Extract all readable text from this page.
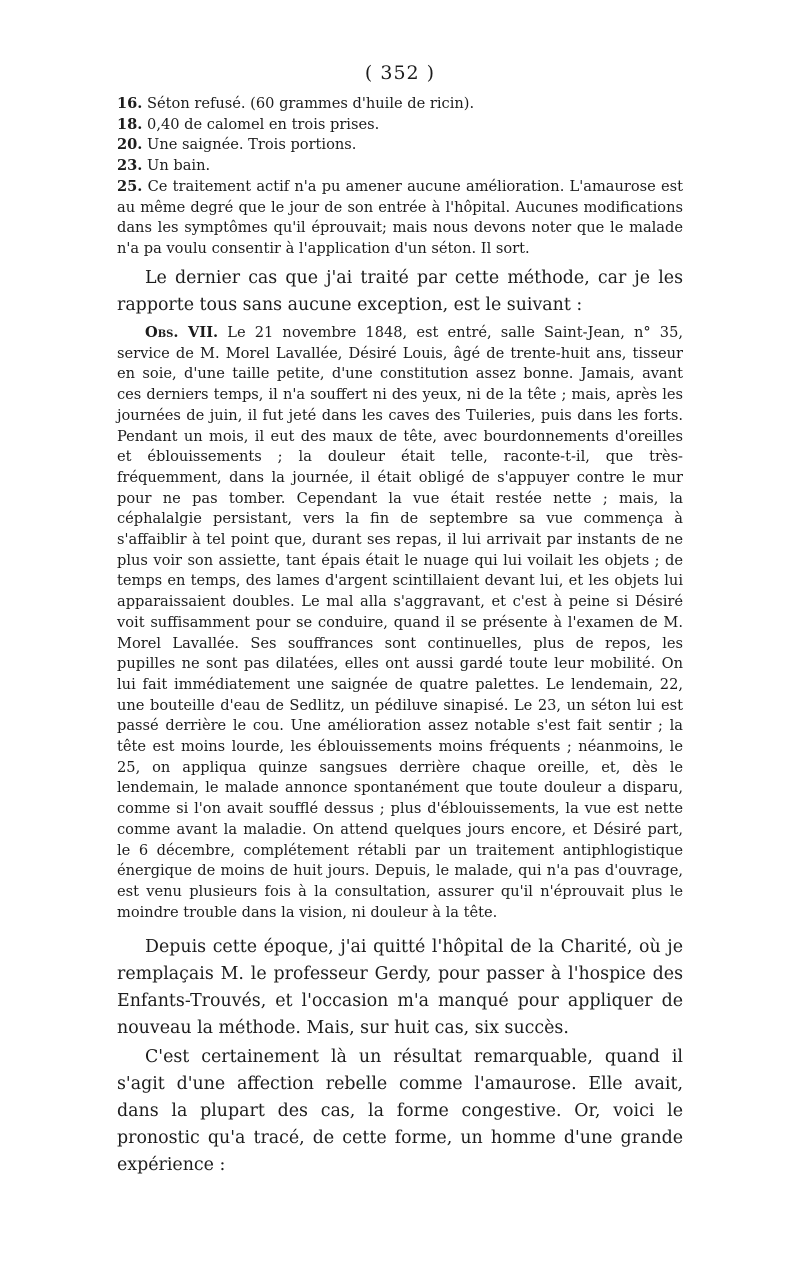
( 352 )
16. Séton refusé. (60 grammes d'huile de ricin).
18. 0,40 de calomel en trois prises.
20. Une saignée. Trois portions.
23. Un bain.
25. Ce traitement actif n'a pu amener aucune amélioration. L'amaurose est au même degré que le jour de son entrée à l'hôpital. Aucunes modifications dans les symptômes qu'il éprouvait; mais nous devons noter que le malade n'a pa voulu consentir à l'application d'un séton. Il sort.
Le dernier cas que j'ai traité par cette méthode, car je les rapporte tous sans aucune exception, est le suivant :
Obs. VII. Le 21 novembre 1848, est entré, salle Saint-Jean, n° 35, service de M. Morel Lavallée, Désiré Louis, âgé de trente-huit ans, tisseur en soie, d'une taille petite, d'une constitution assez bonne. Jamais, avant ces derniers temps, il n'a souffert ni des yeux, ni de la tête ; mais, après les journées de juin, il fut jeté dans les caves des Tuileries, puis dans les forts. Pendant un mois, il eut des maux de tête, avec bourdonnements d'oreilles et éblouissements ; la douleur était telle, raconte-t-il, que très-fréquemment, dans la journée, il était obligé de s'appuyer contre le mur pour ne pas tomber. Cependant la vue était restée nette ; mais, la céphalalgie persistant, vers la fin de septembre sa vue commença à s'affaiblir à tel point que, durant ses repas, il lui arrivait par instants de ne plus voir son assiette, tant épais était le nuage qui lui voilait les objets ; de temps en temps, des lames d'argent scintillaient devant lui, et les objets lui apparaissaient doubles. Le mal alla s'aggravant, et c'est à peine si Désiré voit suffisamment pour se conduire, quand il se présente à l'examen de M. Morel Lavallée. Ses souffrances sont continuelles, plus de repos, les pupilles ne sont pas dilatées, elles ont aussi gardé toute leur mobilité. On lui fait immédiatement une saignée de quatre palettes. Le lendemain, 22, une bouteille d'eau de Sedlitz, un pédiluve sinapisé. Le 23, un séton lui est passé derrière le cou. Une amélioration assez notable s'est fait sentir ; la tête est moins lourde, les éblouissements moins fréquents ; néanmoins, le 25, on appliqua quinze sangsues derrière chaque oreille, et, dès le lendemain, le malade annonce spontanément que toute douleur a disparu, comme si l'on avait soufflé dessus ; plus d'éblouissements, la vue est nette comme avant la maladie. On attend quelques jours encore, et Désiré part, le 6 décembre, complétement rétabli par un traitement antiphlogistique énergique de moins de huit jours. Depuis, le malade, qui n'a pas d'ouvrage, est venu plusieurs fois à la consultation, assurer qu'il n'éprouvait plus le moindre trouble dans la vision, ni douleur à la tête.
Depuis cette époque, j'ai quitté l'hôpital de la Charité, où je remplaçais M. le professeur Gerdy, pour passer à l'hospice des Enfants-Trouvés, et l'occasion m'a manqué pour appliquer de nouveau la méthode. Mais, sur huit cas, six succès.
C'est certainement là un résultat remarquable, quand il s'agit d'une affection rebelle comme l'amaurose. Elle avait, dans la plupart des cas, la forme congestive. Or, voici le pronostic qu'a tracé, de cette forme, un homme d'une grande expérience :
